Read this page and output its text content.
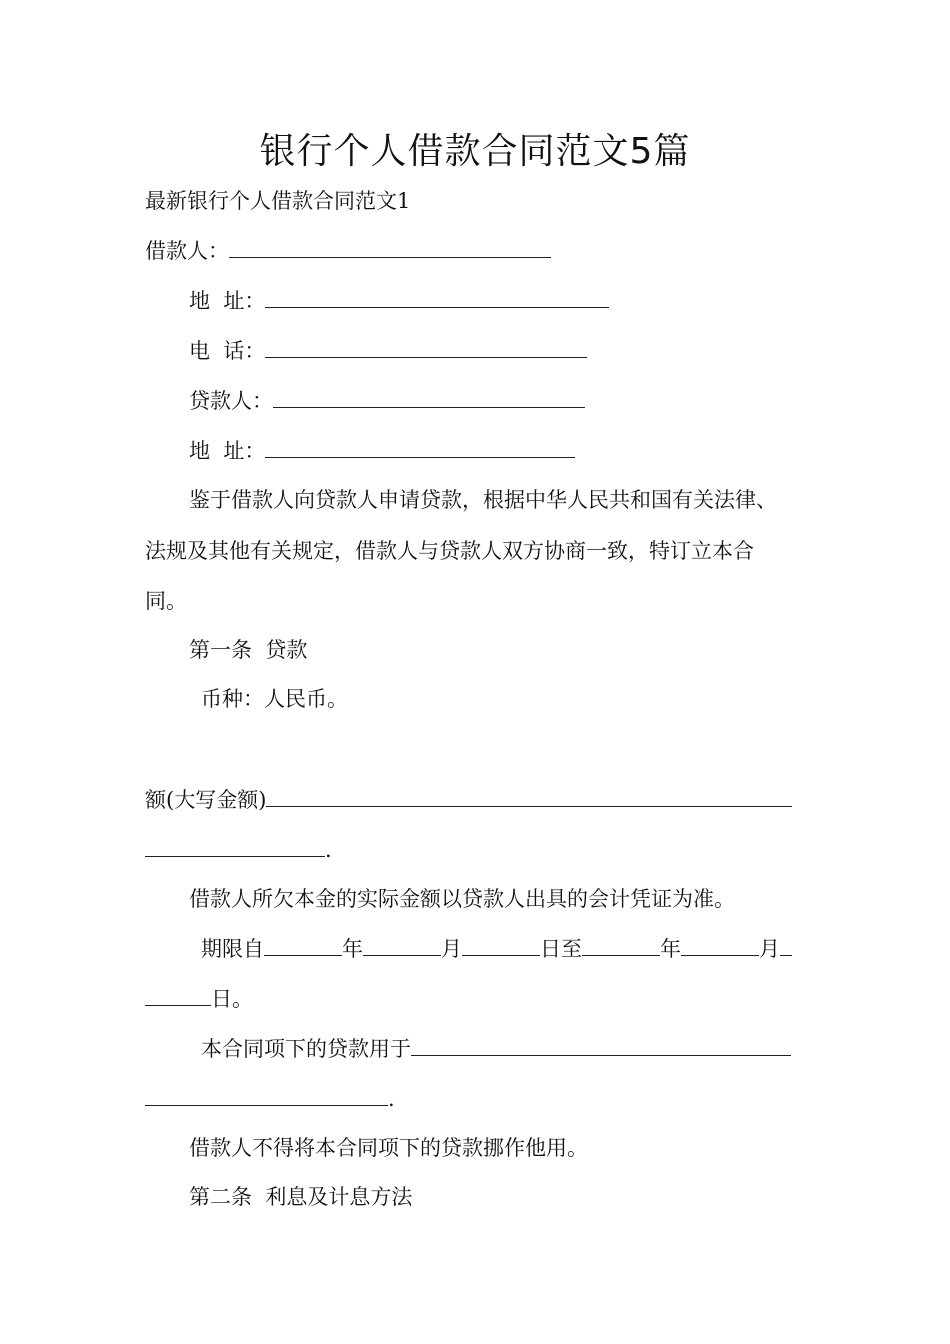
银行个人借款合同范文5篇
最新银行个人借款合同范文1
借款人：
地  址：
电  话：
贷款人：
地  址：
鉴于借款人向贷款人申请贷款，根据中华人民共和国有关法律、
法规及其他有关规定，借款人与贷款人双方协商一致，特订立本合
同。
第一条  贷款
币种：人民币。
额(大写金额)
.
借款人所欠本金的实际金额以贷款人出具的会计凭证为准。
期限自	年	月	日至	年	月
日。
本合同项下的贷款用于
.
借款人不得将本合同项下的贷款挪作他用。
第二条  利息及计息方法
